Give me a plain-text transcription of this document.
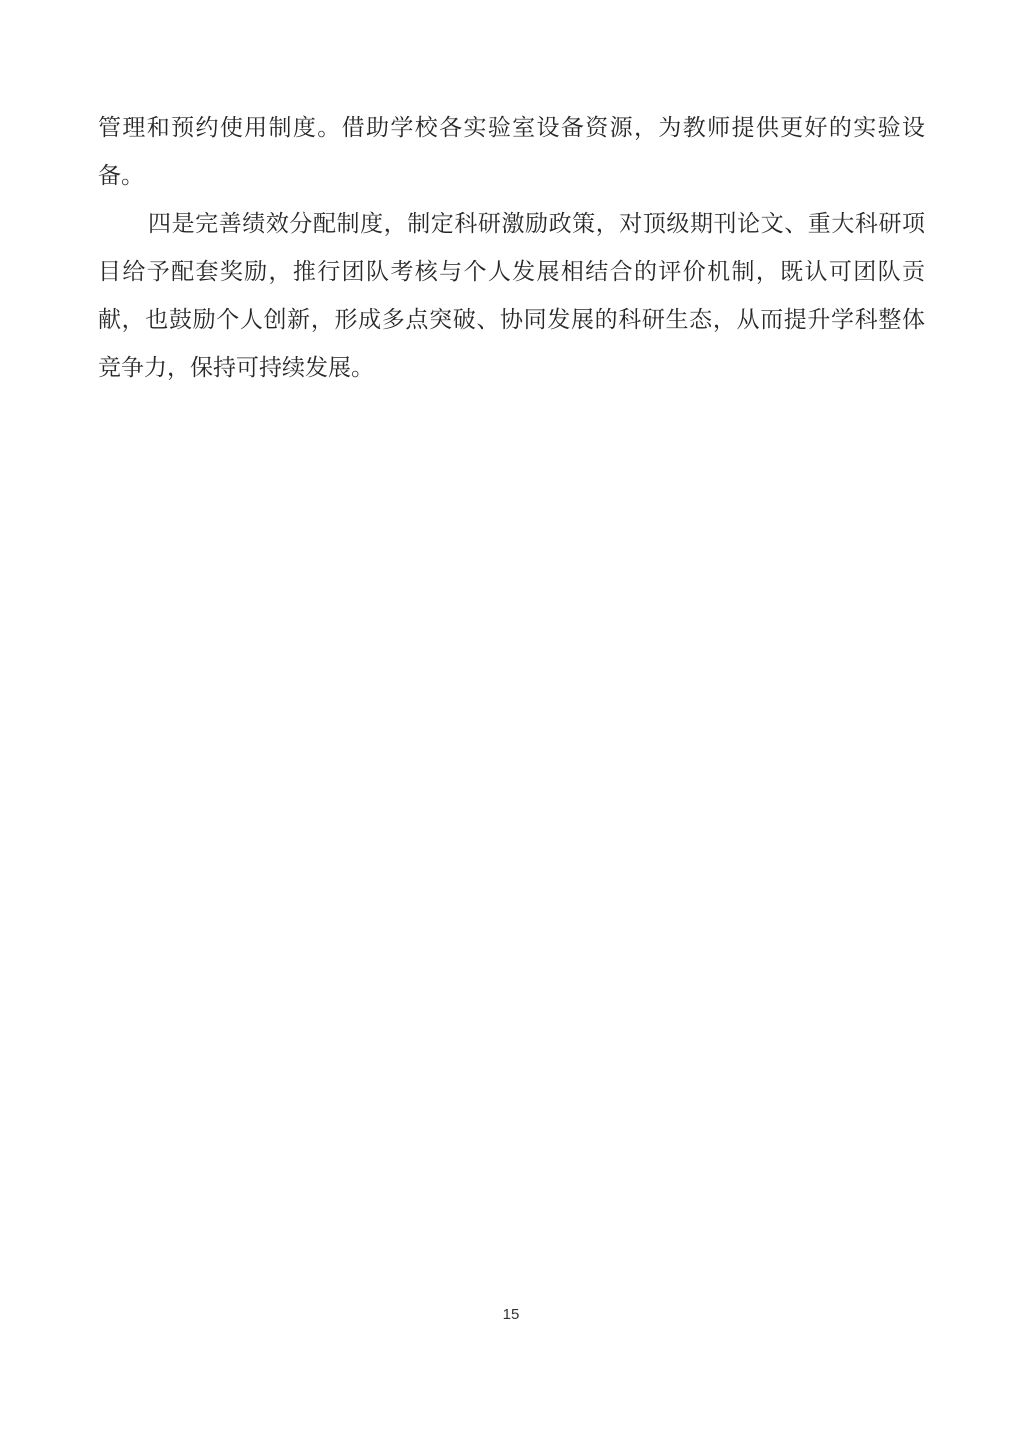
管理和预约使用制度。借助学校各实验室设备资源，为教师提供更好的实验设
备。
四是完善绩效分配制度，制定科研激励政策，对顶级期刊论文、重大科研项
目给予配套奖励，推行团队考核与个人发展相结合的评价机制，既认可团队贡
献，也鼓励个人创新，形成多点突破、协同发展的科研生态，从而提升学科整体
竞争力，保持可持续发展。
15
